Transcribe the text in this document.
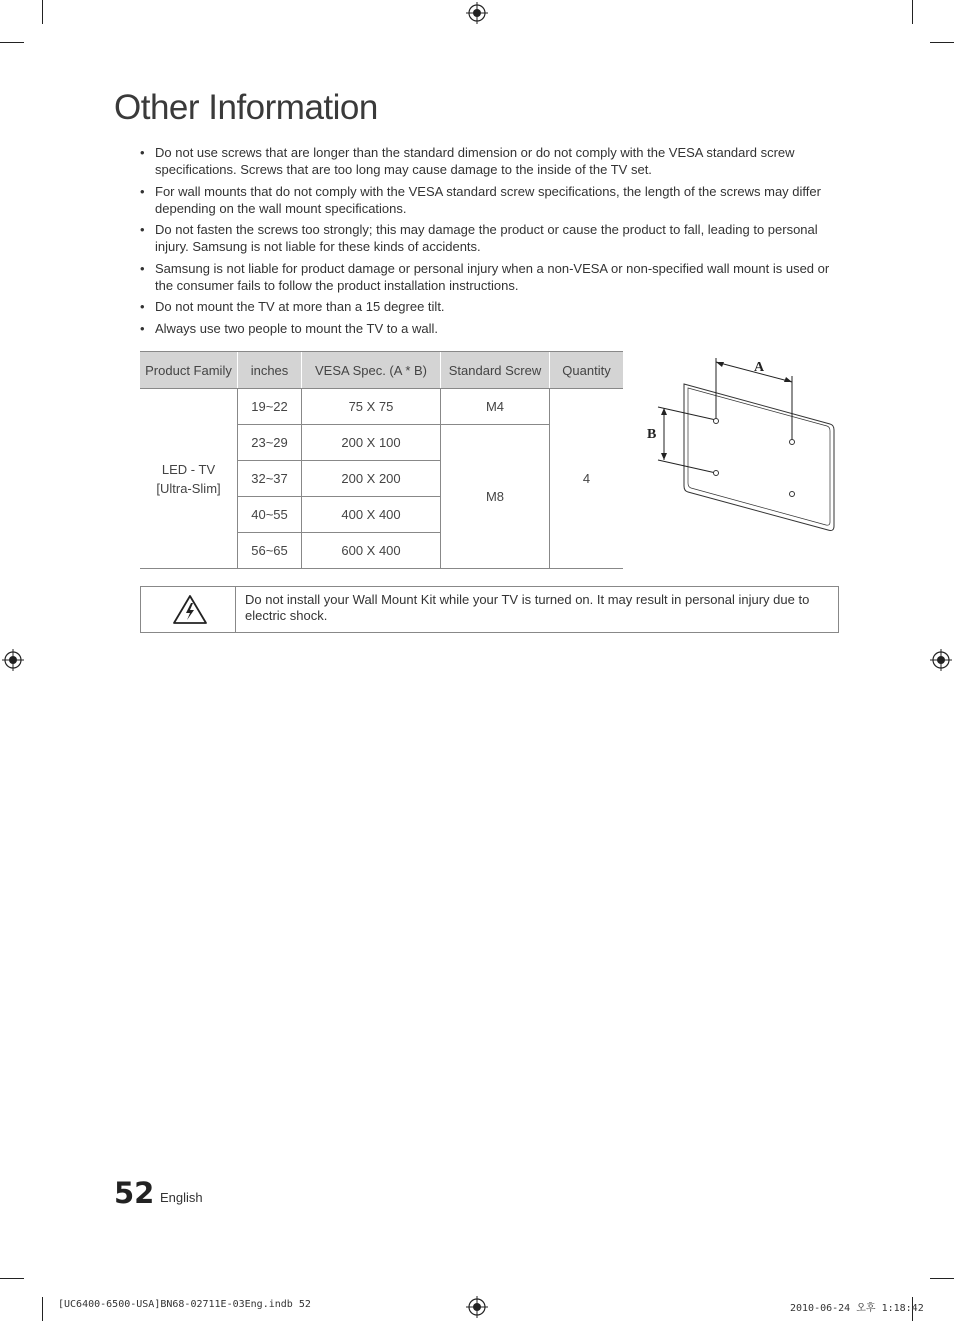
Other Information
• Do not use screws that are longer than the standard dimension or do not comply with the VESA standard screw specifications. Screws that are too long may cause damage to the inside of the TV set.
• For wall mounts that do not comply with the VESA standard screw specifications, the length of the screws may differ depending on the wall mount specifications.
• Do not fasten the screws too strongly; this may damage the product or cause the product to fall, leading to personal injury. Samsung is not liable for these kinds of accidents.
• Samsung is not liable for product damage or personal injury when a non-VESA or non-specified wall mount is used or the consumer fails to follow the product installation instructions.
• Do not mount the TV at more than a 15 degree tilt.
• Always use two people to mount the TV to a wall.
Product Family	inches	VESA Spec. (A * B)	Standard Screw	Quantity
LED - TV
[Ultra-Slim]	19~22	75 X 75	M4	4
	23~29	200 X 100	M8	
	32~37	200 X 200		
	40~55	400 X 400		
	56~65	600 X 400		
A
B
Do not install your Wall Mount Kit while your TV is turned on. It may result in personal injury due to electric shock.
52 English
[UC6400-6500-USA]BN68-02711E-03Eng.indb 52	2010-06-24 오후 1:18:42
